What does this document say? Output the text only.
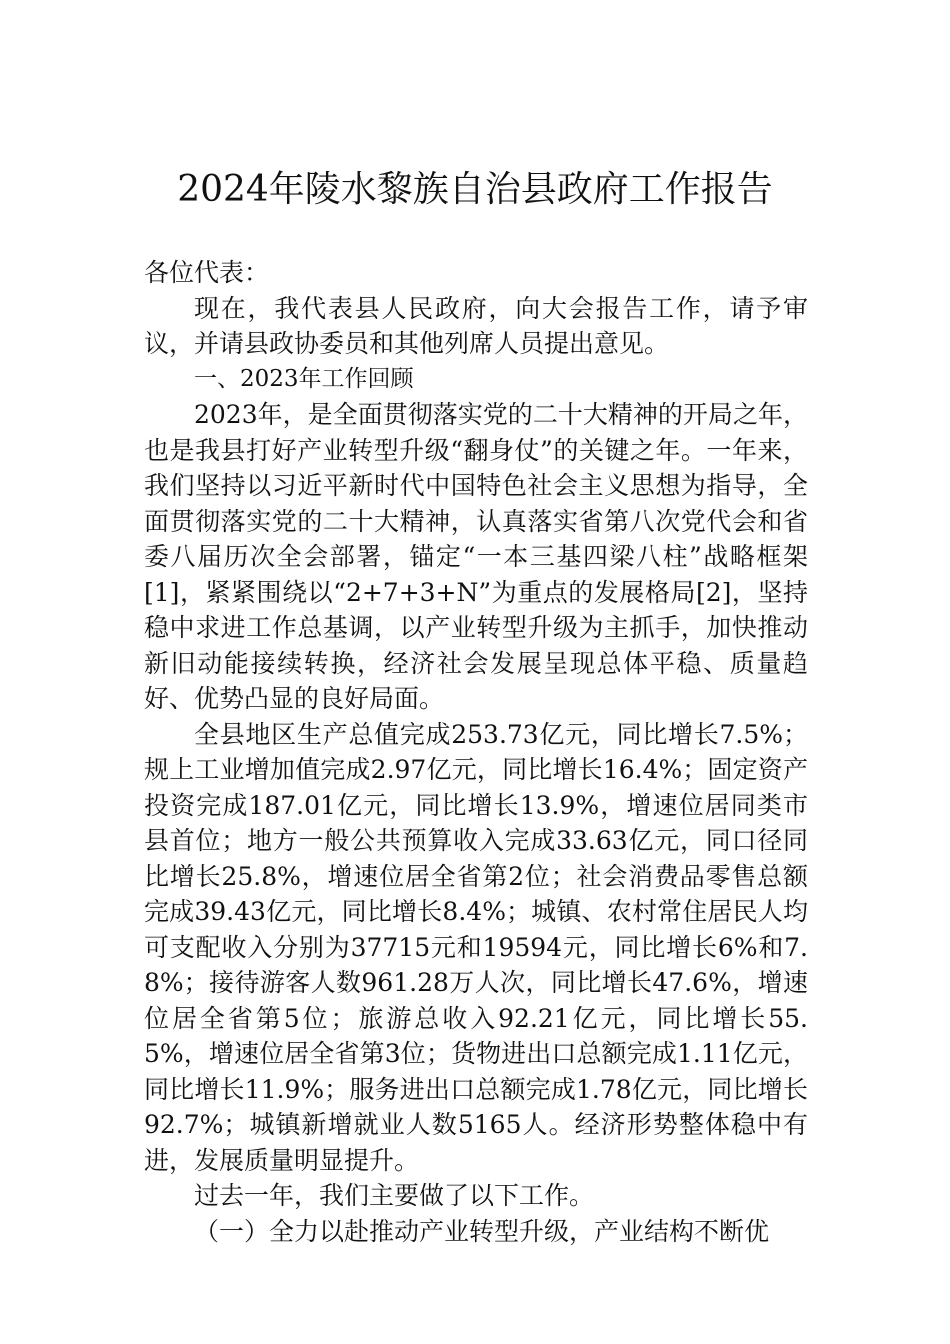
2024年陵水黎族自治县政府工作报告

各位代表：

现在，我代表县人民政府，向大会报告工作，请予审议，并请县政协委员和其他列席人员提出意见。

一、2023年工作回顾

2023年，是全面贯彻落实党的二十大精神的开局之年，也是我县打好产业转型升级“翻身仗”的关键之年。一年来，我们坚持以习近平新时代中国特色社会主义思想为指导，全面贯彻落实党的二十大精神，认真落实省第八次党代会和省委八届历次全会部署，锚定“一本三基四梁八柱”战略框架[1]，紧紧围绕以“2+7+3+N”为重点的发展格局[2]，坚持稳中求进工作总基调，以产业转型升级为主抓手，加快推动新旧动能接续转换，经济社会发展呈现总体平稳、质量趋好、优势凸显的良好局面。

全县地区生产总值完成253.73亿元，同比增长7.5%；规上工业增加值完成2.97亿元，同比增长16.4%；固定资产投资完成187.01亿元，同比增长13.9%，增速位居同类市县首位；地方一般公共预算收入完成33.63亿元，同口径同比增长25.8%，增速位居全省第2位；社会消费品零售总额完成39.43亿元，同比增长8.4%；城镇、农村常住居民人均可支配收入分别为37715元和19594元，同比增长6%和7.8%；接待游客人数961.28万人次，同比增长47.6%，增速位居全省第5位；旅游总收入92.21亿元，同比增长55.5%，增速位居全省第3位；货物进出口总额完成1.11亿元，同比增长11.9%；服务进出口总额完成1.78亿元，同比增长92.7%；城镇新增就业人数5165人。经济形势整体稳中有进，发展质量明显提升。

过去一年，我们主要做了以下工作。

（一）全力以赴推动产业转型升级，产业结构不断优
